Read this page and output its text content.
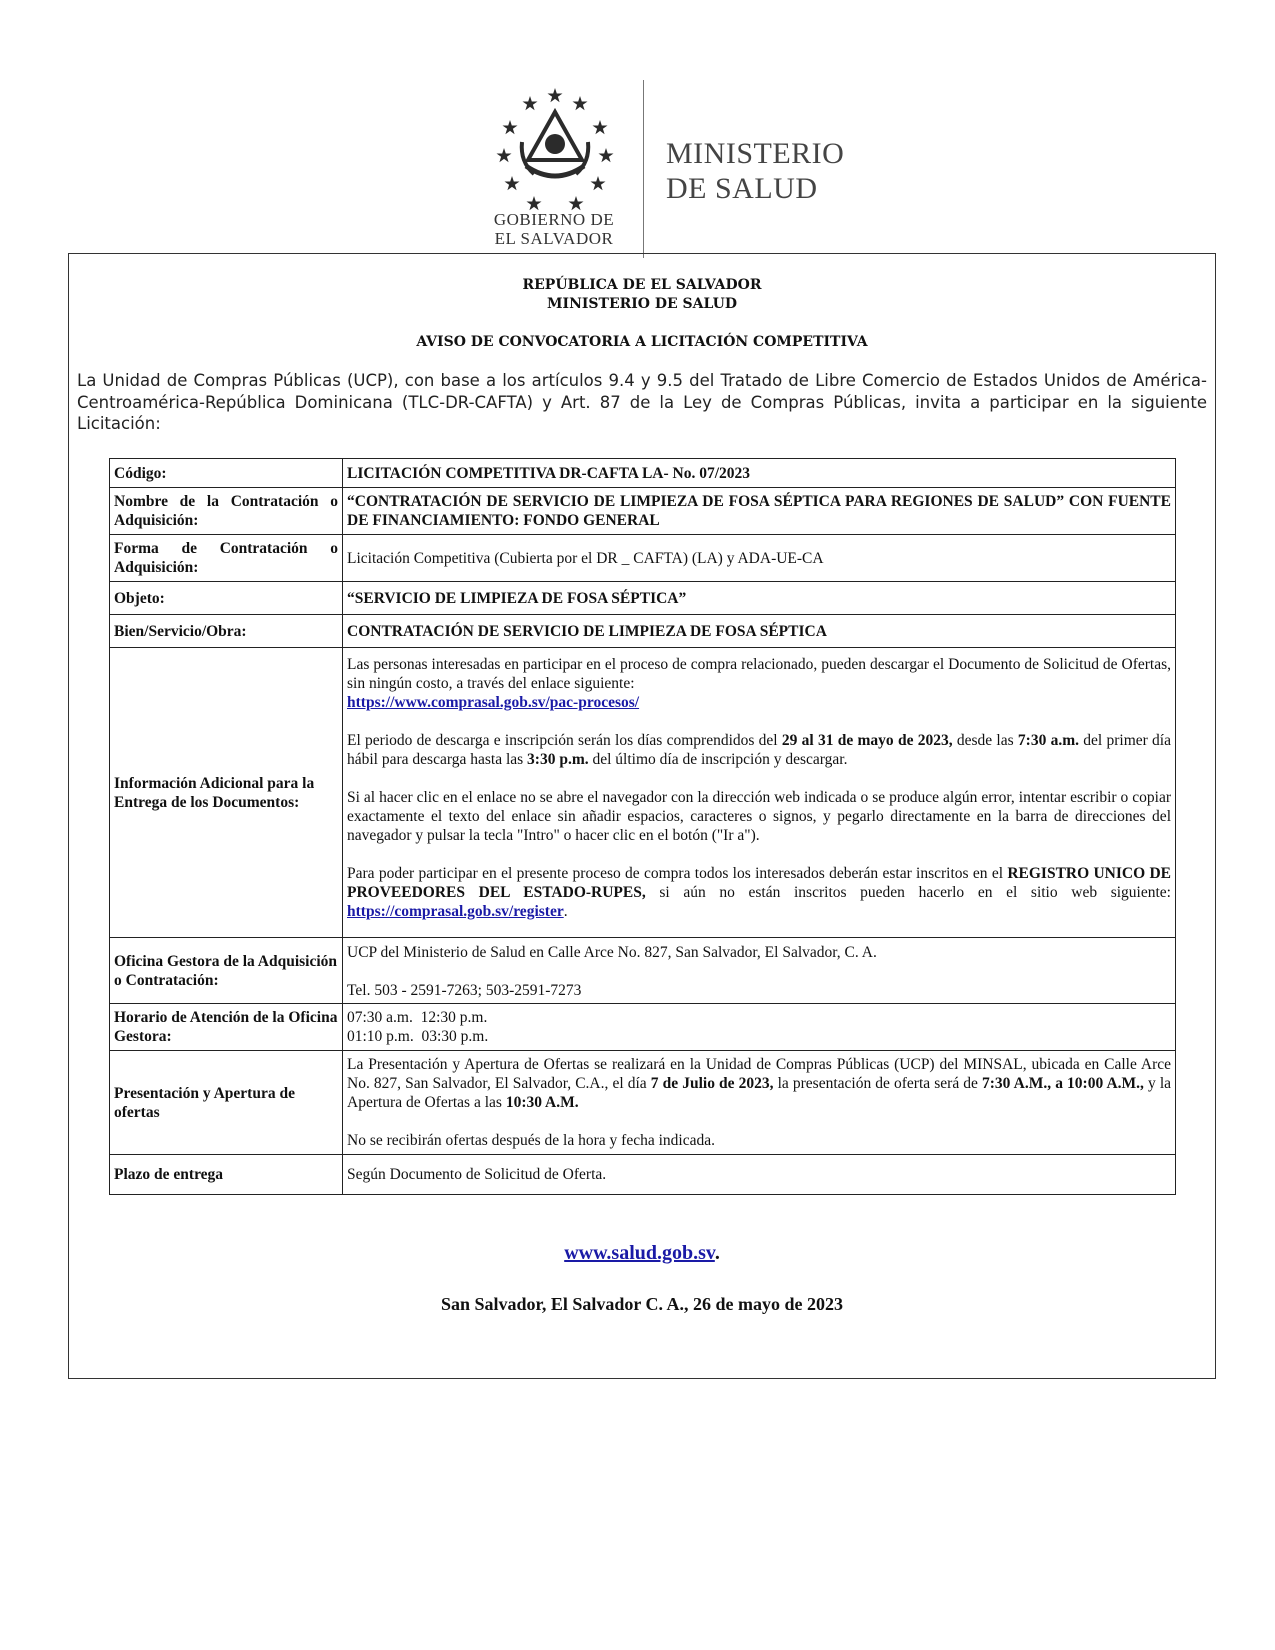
GOBIERNO DE
EL SALVADOR
MINISTERIO
DE SALUD
REPÚBLICA DE EL SALVADOR
MINISTERIO DE SALUD
AVISO DE CONVOCATORIA A LICITACIÓN COMPETITIVA
La Unidad de Compras Públicas (UCP), con base a los artículos 9.4 y 9.5 del Tratado de Libre Comercio de Estados Unidos de América-Centroamérica-República Dominicana (TLC-DR-CAFTA) y Art. 87 de la Ley de Compras Públicas, invita a participar en la siguiente Licitación:
Código:	LICITACIÓN COMPETITIVA DR-CAFTA LA- No. 07/2023
Nombre de la Contratación o Adquisición:	“CONTRATACIÓN DE SERVICIO DE LIMPIEZA DE FOSA SÉPTICA PARA REGIONES DE SALUD” CON FUENTE DE FINANCIAMIENTO: FONDO GENERAL
Forma de Contratación o Adquisición:	Licitación Competitiva (Cubierta por el DR _ CAFTA) (LA) y ADA-UE-CA
Objeto:	“SERVICIO DE LIMPIEZA DE FOSA SÉPTICA”
Bien/Servicio/Obra:	CONTRATACIÓN DE SERVICIO DE LIMPIEZA DE FOSA SÉPTICA
Información Adicional para la Entrega de los Documentos:	Las personas interesadas en participar en el proceso de compra relacionado, pueden descargar el Documento de Solicitud de Ofertas, sin ningún costo, a través del enlace siguiente:
https://www.comprasal.gob.sv/pac-procesos/
El periodo de descarga e inscripción serán los días comprendidos del 29 al 31 de mayo de 2023, desde las 7:30 a.m. del primer día hábil para descarga hasta las 3:30 p.m. del último día de inscripción y descargar.
Si al hacer clic en el enlace no se abre el navegador con la dirección web indicada o se produce algún error, intentar escribir o copiar exactamente el texto del enlace sin añadir espacios, caracteres o signos, y pegarlo directamente en la barra de direcciones del navegador y pulsar la tecla "Intro" o hacer clic en el botón ("Ir a").
Para poder participar en el presente proceso de compra todos los interesados deberán estar inscritos en el REGISTRO UNICO DE PROVEEDORES DEL ESTADO-RUPES, si aún no están inscritos pueden hacerlo en el sitio web siguiente: https://comprasal.gob.sv/register.

Oficina Gestora de la Adquisición o Contratación:	UCP del Ministerio de Salud en Calle Arce No. 827, San Salvador, El Salvador, C. A.
Tel. 503 - 2591-7263; 503-2591-7273

Horario de Atención de la Oficina Gestora:	07:30 a.m.  12:30 p.m.
01:10 p.m.  03:30 p.m.

Presentación y Apertura de ofertas	La Presentación y Apertura de Ofertas se realizará en la Unidad de Compras Públicas (UCP) del MINSAL, ubicada en Calle Arce No. 827, San Salvador, El Salvador, C.A., el día 7 de Julio de 2023, la presentación de oferta será de 7:30 A.M., a 10:00 A.M., y la Apertura de Ofertas a las 10:30 A.M.
No se recibirán ofertas después de la hora y fecha indicada.

Plazo de entrega	Según Documento de Solicitud de Oferta.
www.salud.gob.sv.
San Salvador, El Salvador C. A., 26 de mayo de 2023
